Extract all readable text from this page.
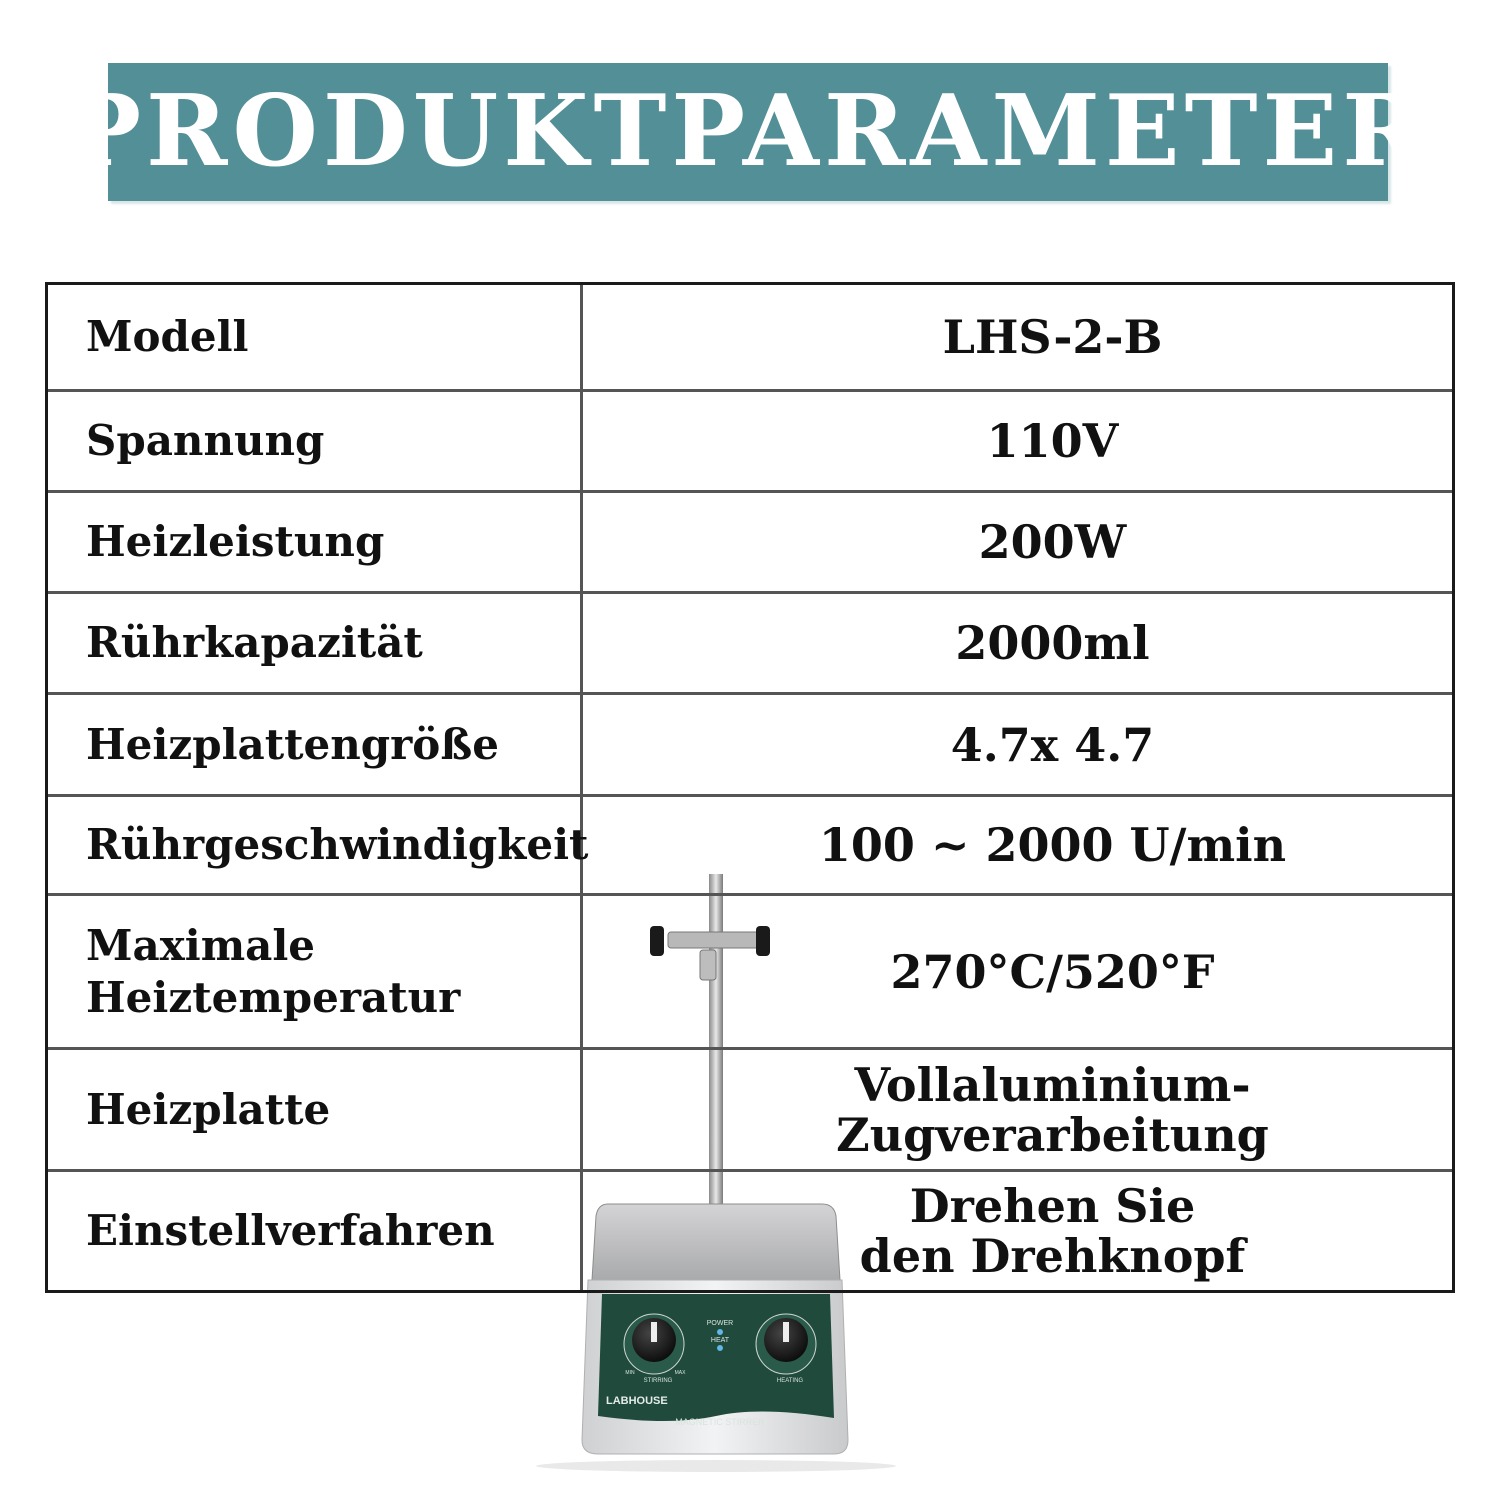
PRODUKTPARAMETER
POWER
HEAT
STIRRING	HEATING
MIN	MAX
LABHOUSE
MAGNETIC STIRRER
Modell	LHS-2-B
Spannung	110V
Heizleistung	200W
Rührkapazität	2000ml
Heizplattengröße	4.7x 4.7
Rührgeschwindigkeit	100 ~ 2000 U/min
Maximale
Heiztemperatur	270°C/520°F
Heizplatte	Vollaluminium-
Zugverarbeitung
Einstellverfahren	Drehen Sie
den Drehknopf
